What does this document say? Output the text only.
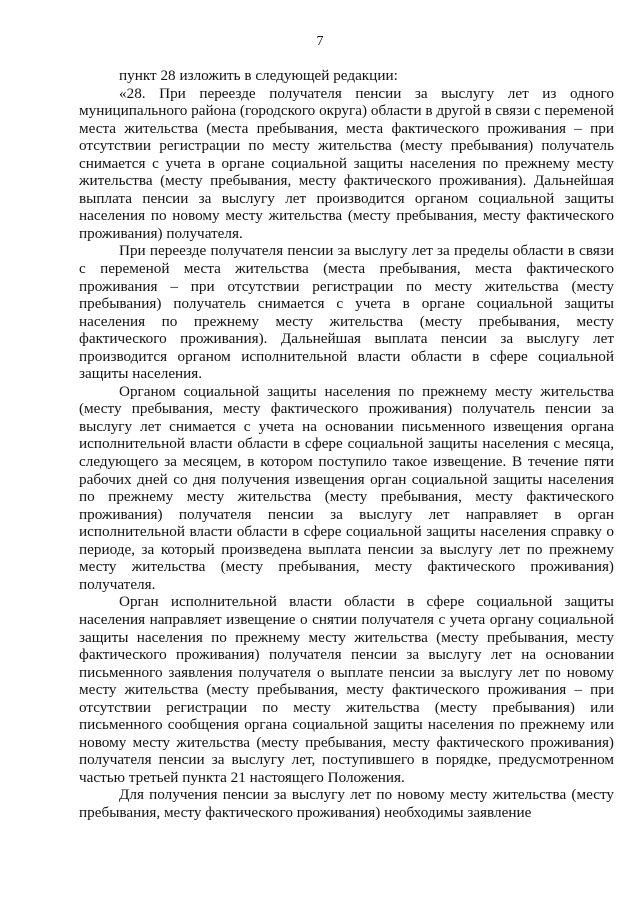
7

пункт 28 изложить в следующей редакции:

«28. При переезде получателя пенсии за выслугу лет из одного муниципального района (городского округа) области в другой в связи с переменой места жительства (места пребывания, места фактического проживания – при отсутствии регистрации по месту жительства (месту пребывания) получатель снимается с учета в органе социальной защиты населения по прежнему месту жительства (месту пребывания, месту фактического проживания). Дальнейшая выплата пенсии за выслугу лет производится органом социальной защиты населения по новому месту жительства (месту пребывания, месту фактического проживания) получателя.

При переезде получателя пенсии за выслугу лет за пределы области в связи с переменой места жительства (места пребывания, места фактического проживания – при отсутствии регистрации по месту жительства (месту пребывания) получатель снимается с учета в органе социальной защиты населения по прежнему месту жительства (месту пребывания, месту фактического проживания). Дальнейшая выплата пенсии за выслугу лет производится органом исполнительной власти области в сфере социальной защиты населения.

Органом социальной защиты населения по прежнему месту жительства (месту пребывания, месту фактического проживания) получатель пенсии за выслугу лет снимается с учета на основании письменного извещения органа исполнительной власти области в сфере социальной защиты населения с месяца, следующего за месяцем, в котором поступило такое извещение. В течение пяти рабочих дней со дня получения извещения орган социальной защиты населения по прежнему месту жительства (месту пребывания, месту фактического проживания) получателя пенсии за выслугу лет направляет в орган исполнительной власти области в сфере социальной защиты населения справку о периоде, за который произведена выплата пенсии за выслугу лет по прежнему месту жительства (месту пребывания, месту фактического проживания) получателя.

Орган исполнительной власти области в сфере социальной защиты населения направляет извещение о снятии получателя с учета органу социальной защиты населения по прежнему месту жительства (месту пребывания, месту фактического проживания) получателя пенсии за выслугу лет на основании письменного заявления получателя о выплате пенсии за выслугу лет по новому месту жительства (месту пребывания, месту фактического проживания – при отсутствии регистрации по месту жительства (месту пребывания) или письменного сообщения органа социальной защиты населения по прежнему или новому месту жительства (месту пребывания, месту фактического проживания) получателя пенсии за выслугу лет, поступившего в порядке, предусмотренном частью третьей пункта 21 настоящего Положения.

Для получения пенсии за выслугу лет по новому месту жительства (месту пребывания, месту фактического проживания) необходимы заявление
